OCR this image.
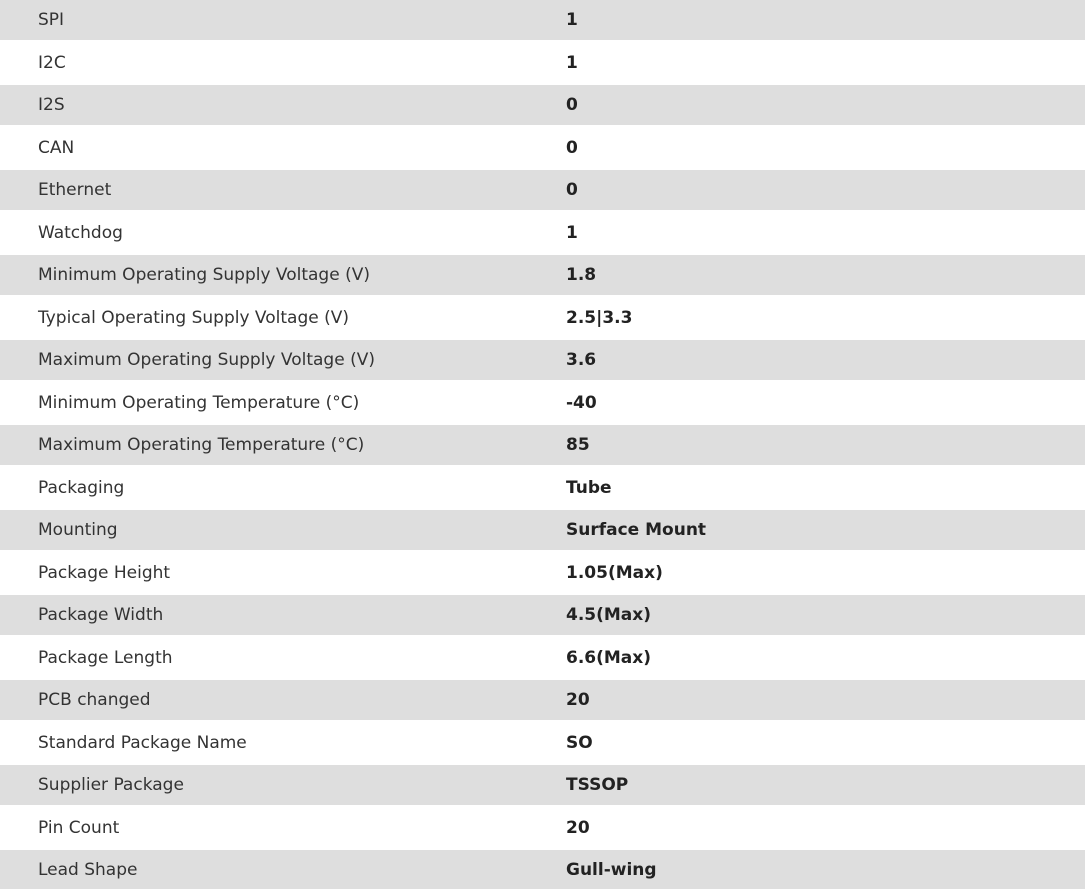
SPI	1
I2C	1
I2S	0
CAN	0
Ethernet	0
Watchdog	1
Minimum Operating Supply Voltage (V)	1.8
Typical Operating Supply Voltage (V)	2.5|3.3
Maximum Operating Supply Voltage (V)	3.6
Minimum Operating Temperature (°C)	-40
Maximum Operating Temperature (°C)	85
Packaging	Tube
Mounting	Surface Mount
Package Height	1.05(Max)
Package Width	4.5(Max)
Package Length	6.6(Max)
PCB changed	20
Standard Package Name	SO
Supplier Package	TSSOP
Pin Count	20
Lead Shape	Gull-wing
